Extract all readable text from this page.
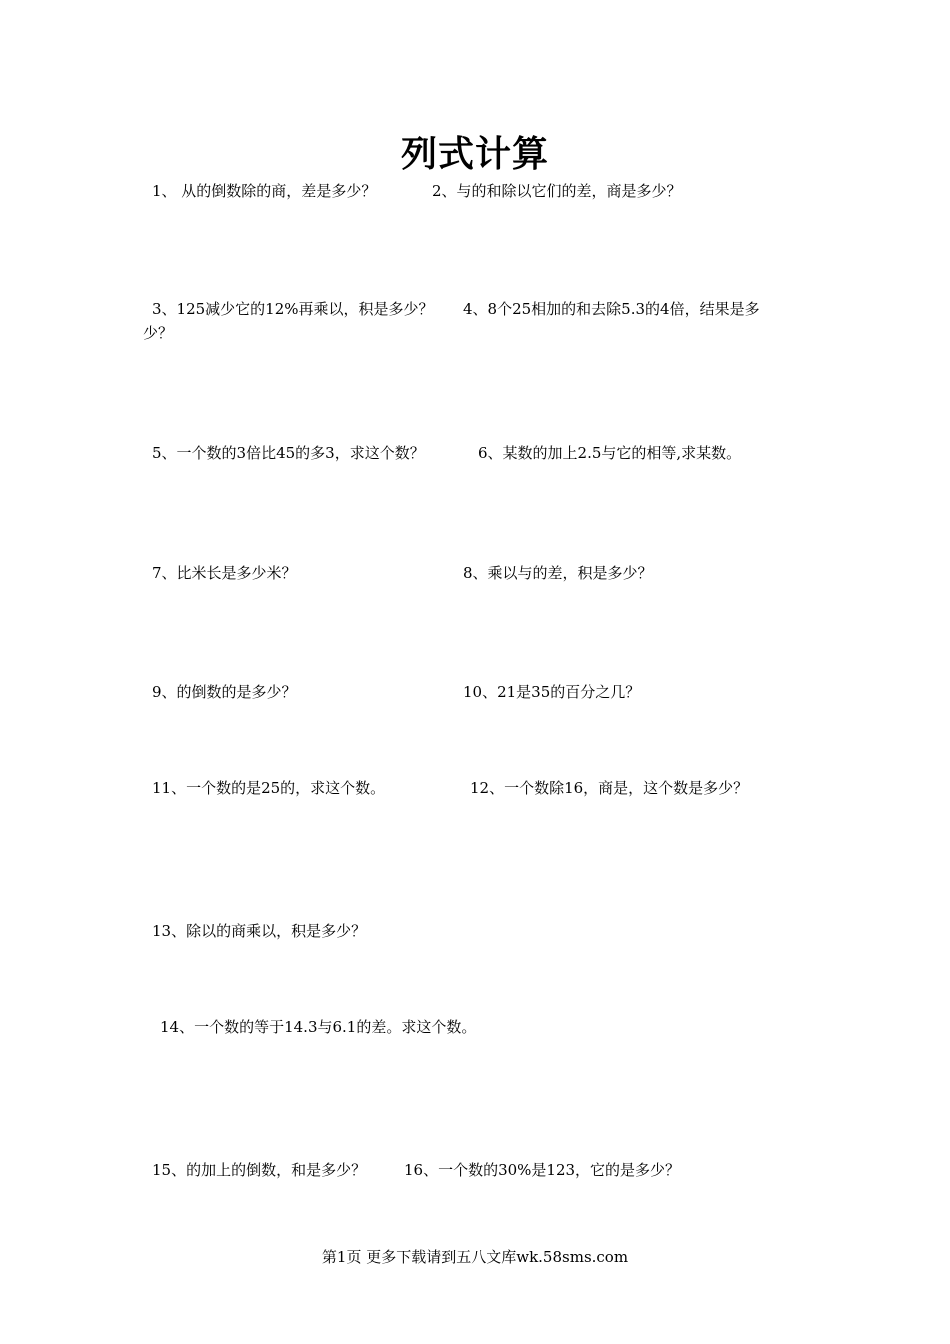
列式计算
1、 从的倒数除的商，差是多少？	2、与的和除以它们的差，商是多少？
3、125减少它的12%再乘以，积是多少？ 4、8个25相加的和去除5.3的4倍，结果是多
少？
5、一个数的3倍比45的多3，求这个数？	6、某数的加上2.5与它的相等,求某数。
7、比米长是多少米？	8、乘以与的差，积是多少？
9、的倒数的是多少？	10、21是35的百分之几？
11、一个数的是25的，求这个数。	12、一个数除16，商是，这个数是多少？
13、除以的商乘以，积是多少？
14、一个数的等于14.3与6.1的差。求这个数。
15、的加上的倒数，和是多少？	16、一个数的30%是123，它的是多少？
第1页 更多下载请到五八文库wk.58sms.com
